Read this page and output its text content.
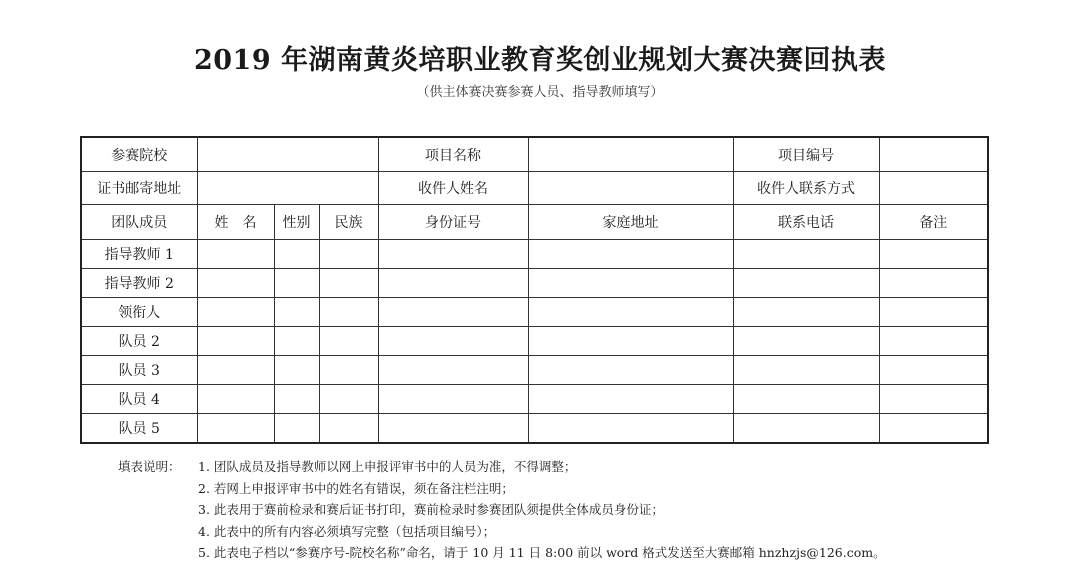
2019 年湖南黄炎培职业教育奖创业规划大赛决赛回执表
（供主体赛决赛参赛人员、指导教师填写）
参赛院校				项目名称		项目编号	
证书邮寄地址				收件人姓名		收件人联系方式	
团队成员	姓　名	性别	民族	身份证号	家庭地址	联系电话	备注
指导教师 1							
指导教师 2							
领衔人							
队员 2							
队员 3							
队员 4							
队员 5							
填表说明：	1. 团队成员及指导教师以网上申报评审书中的人员为准，不得调整；
2. 若网上申报评审书中的姓名有错误，须在备注栏注明；
3. 此表用于赛前检录和赛后证书打印，赛前检录时参赛团队须提供全体成员身份证；
4. 此表中的所有内容必须填写完整（包括项目编号）；
5. 此表电子档以“参赛序号-院校名称”命名，请于 10 月 11 日 8:00 前以 word 格式发送至大赛邮箱 hnzhzjs@126.com。
